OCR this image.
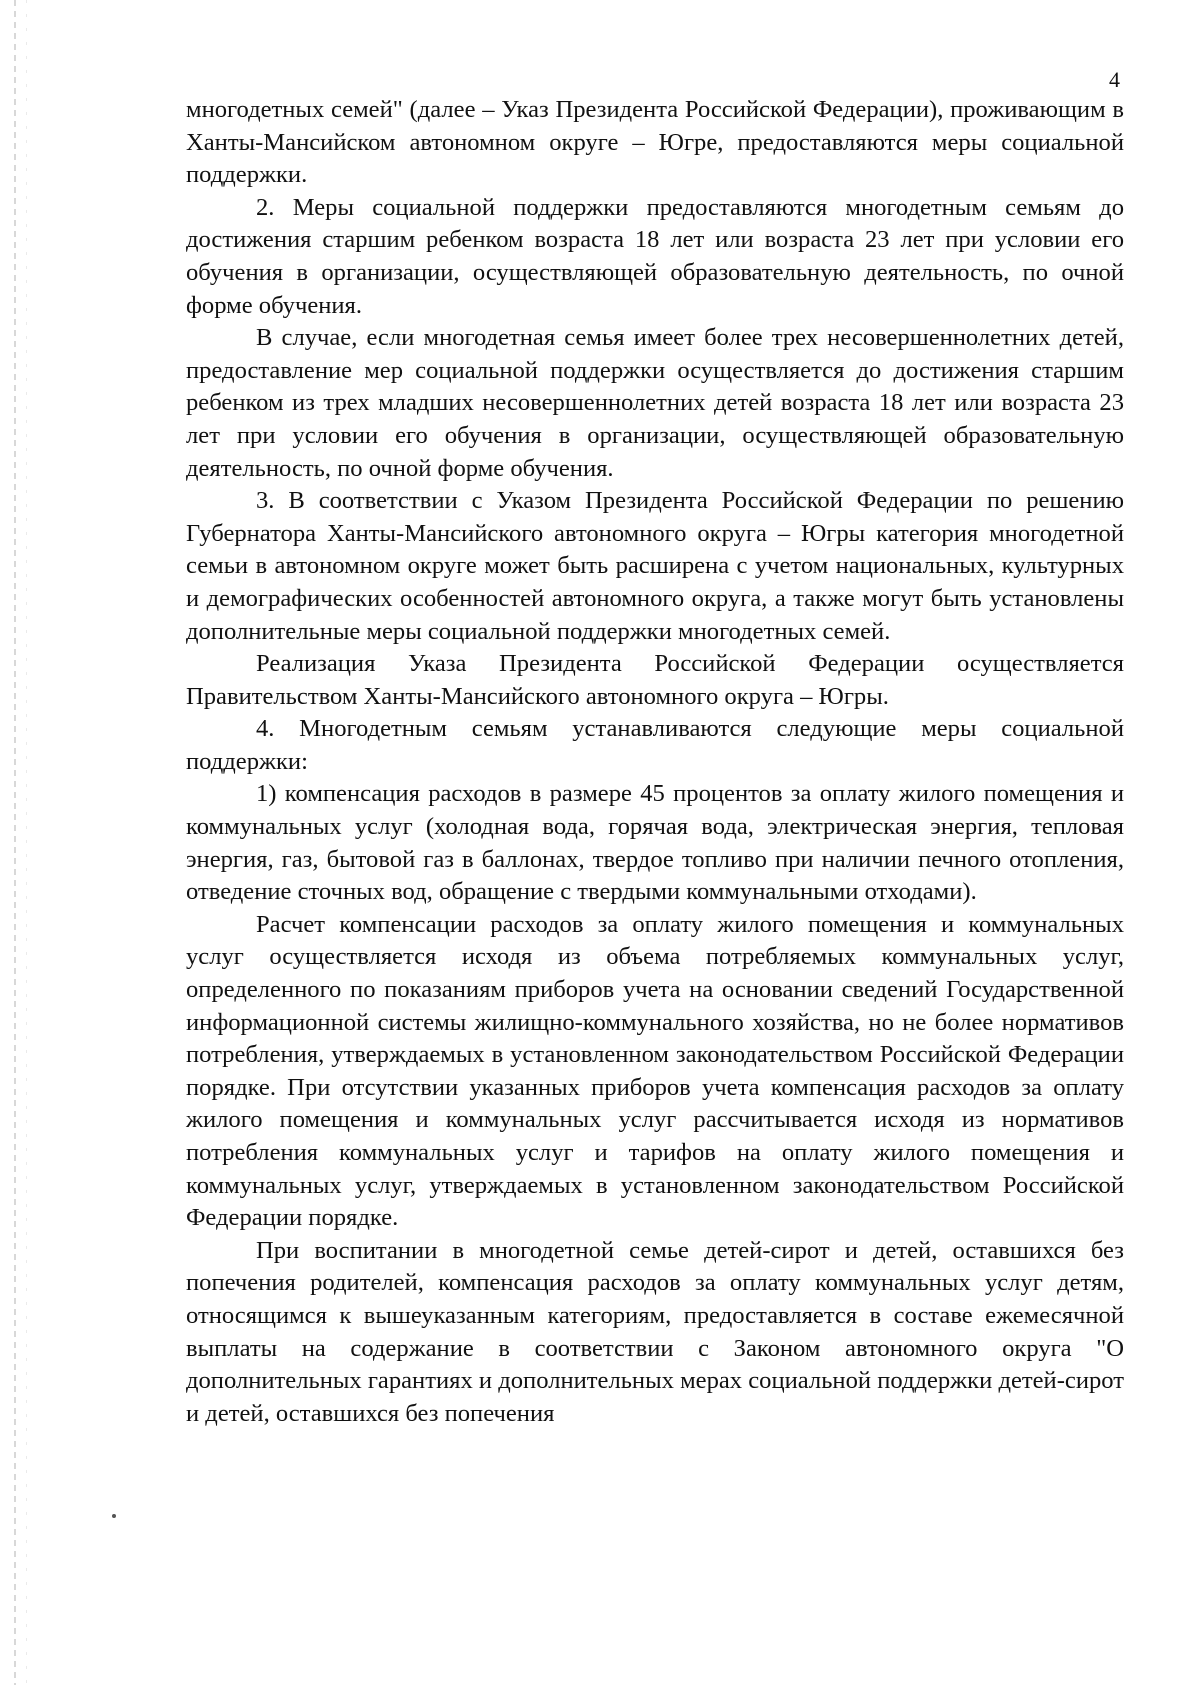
4

многодетных семей" (далее – Указ Президента Российской Федерации), проживающим в Ханты-Мансийском автономном округе – Югре, предоставляются меры социальной поддержки.

2. Меры социальной поддержки предоставляются многодетным семьям до достижения старшим ребенком возраста 18 лет или возраста 23 лет при условии его обучения в организации, осуществляющей образовательную деятельность, по очной форме обучения.

В случае, если многодетная семья имеет более трех несовершеннолетних детей, предоставление мер социальной поддержки осуществляется до достижения старшим ребенком из трех младших несовершеннолетних детей возраста 18 лет или возраста 23 лет при условии его обучения в организации, осуществляющей образовательную деятельность, по очной форме обучения.

3. В соответствии с Указом Президента Российской Федерации по решению Губернатора Ханты-Мансийского автономного округа – Югры категория многодетной семьи в автономном округе может быть расширена с учетом национальных, культурных и демографических особенностей автономного округа, а также могут быть установлены дополнительные меры социальной поддержки многодетных семей.

Реализация Указа Президента Российской Федерации осуществляется Правительством Ханты-Мансийского автономного округа – Югры.

4. Многодетным семьям устанавливаются следующие меры социальной поддержки:

1) компенсация расходов в размере 45 процентов за оплату жилого помещения и коммунальных услуг (холодная вода, горячая вода, электрическая энергия, тепловая энергия, газ, бытовой газ в баллонах, твердое топливо при наличии печного отопления, отведение сточных вод, обращение с твердыми коммунальными отходами).

Расчет компенсации расходов за оплату жилого помещения и коммунальных услуг осуществляется исходя из объема потребляемых коммунальных услуг, определенного по показаниям приборов учета на основании сведений Государственной информационной системы жилищно-коммунального хозяйства, но не более нормативов потребления, утверждаемых в установленном законодательством Российской Федерации порядке. При отсутствии указанных приборов учета компенсация расходов за оплату жилого помещения и коммунальных услуг рассчитывается исходя из нормативов потребления коммунальных услуг и тарифов на оплату жилого помещения и коммунальных услуг, утверждаемых в установленном законодательством Российской Федерации порядке.

При воспитании в многодетной семье детей-сирот и детей, оставшихся без попечения родителей, компенсация расходов за оплату коммунальных услуг детям, относящимся к вышеуказанным категориям, предоставляется в составе ежемесячной выплаты на содержание в соответствии с Законом автономного округа "О дополнительных гарантиях и дополнительных мерах социальной поддержки детей-сирот и детей, оставшихся без попечения
